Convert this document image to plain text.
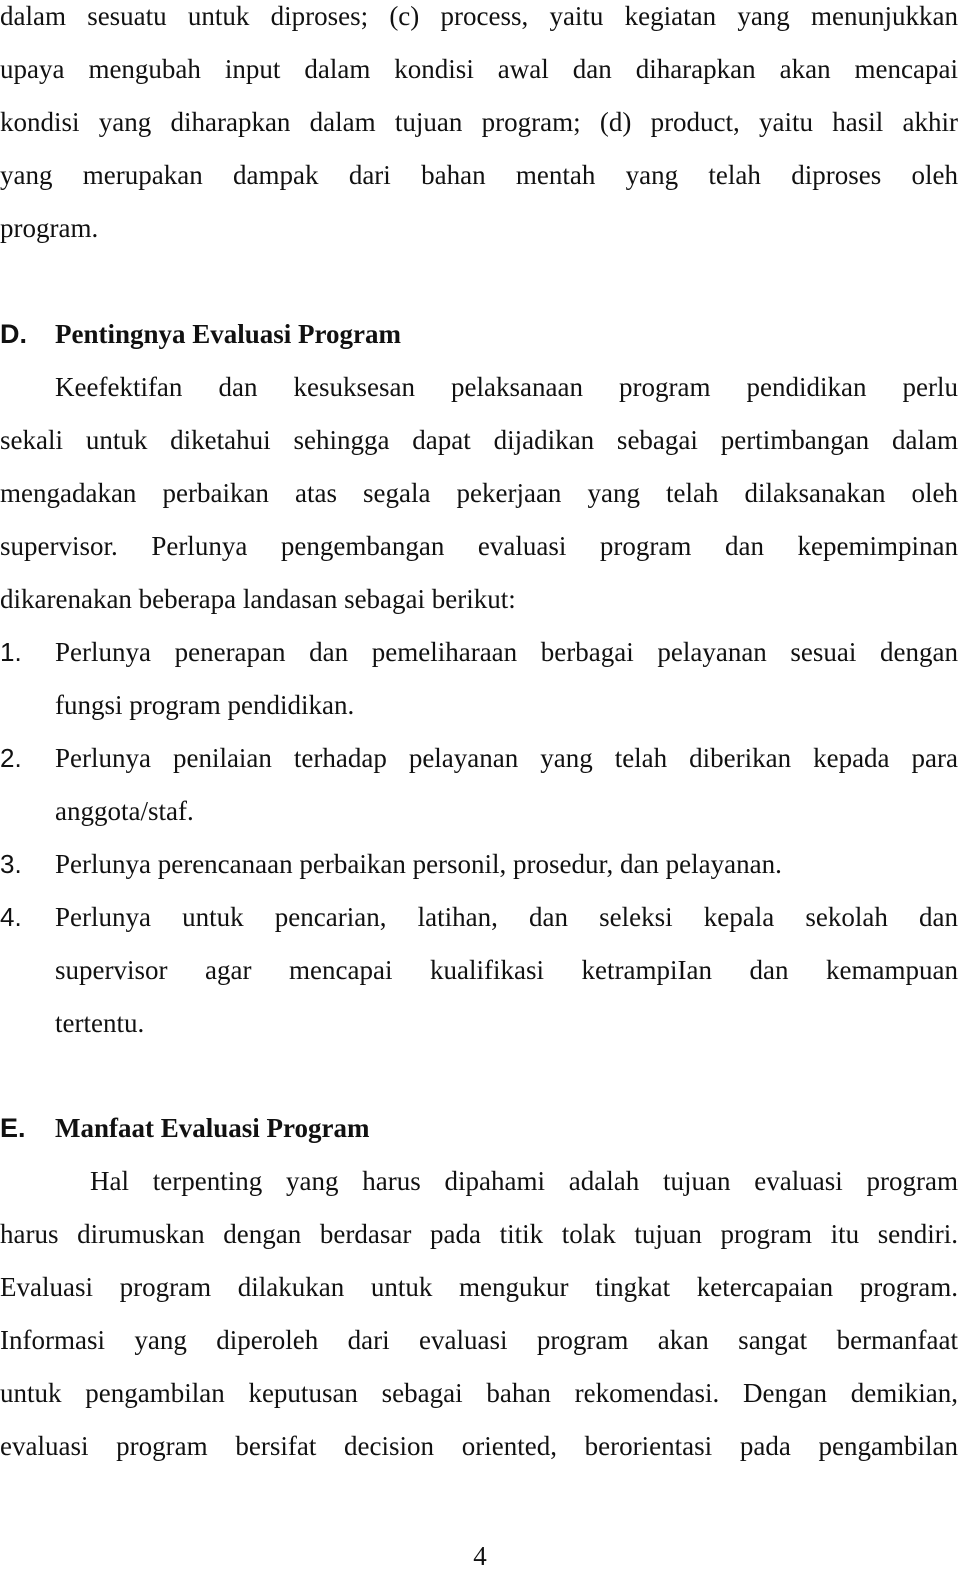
dalam sesuatu untuk diproses; (c) process, yaitu kegiatan yang menunjukkan
upaya mengubah input dalam kondisi awal dan diharapkan akan mencapai
kondisi yang diharapkan dalam tujuan program; (d) product, yaitu hasil akhir
yang merupakan dampak dari bahan mentah yang telah diproses oleh
program.
D. Pentingnya Evaluasi Program
Keefektifan dan kesuksesan pelaksanaan program pendidikan perlu
sekali untuk diketahui sehingga dapat dijadikan sebagai pertimbangan dalam
mengadakan perbaikan atas segala pekerjaan yang telah dilaksanakan oleh
supervisor. Perlunya pengembangan evaluasi program dan kepemimpinan
dikarenakan beberapa landasan sebagai berikut:
1. Perlunya penerapan dan pemeliharaan berbagai pelayanan sesuai dengan
fungsi program pendidikan.
2. Perlunya penilaian terhadap pelayanan yang telah diberikan kepada para
anggota/staf.
3. Perlunya perencanaan perbaikan personil, prosedur, dan pelayanan.
4. Perlunya untuk pencarian, latihan, dan seleksi kepala sekolah dan
supervisor agar mencapai kualifikasi ketrampiIan dan kemampuan
tertentu.
E. Manfaat Evaluasi Program
Hal terpenting yang harus dipahami adalah tujuan evaluasi program
harus dirumuskan dengan berdasar pada titik tolak tujuan program itu sendiri.
Evaluasi program dilakukan untuk mengukur tingkat ketercapaian program.
Informasi yang diperoleh dari evaluasi program akan sangat bermanfaat
untuk pengambilan keputusan sebagai bahan rekomendasi. Dengan demikian,
evaluasi program bersifat decision oriented, berorientasi pada pengambilan
4
